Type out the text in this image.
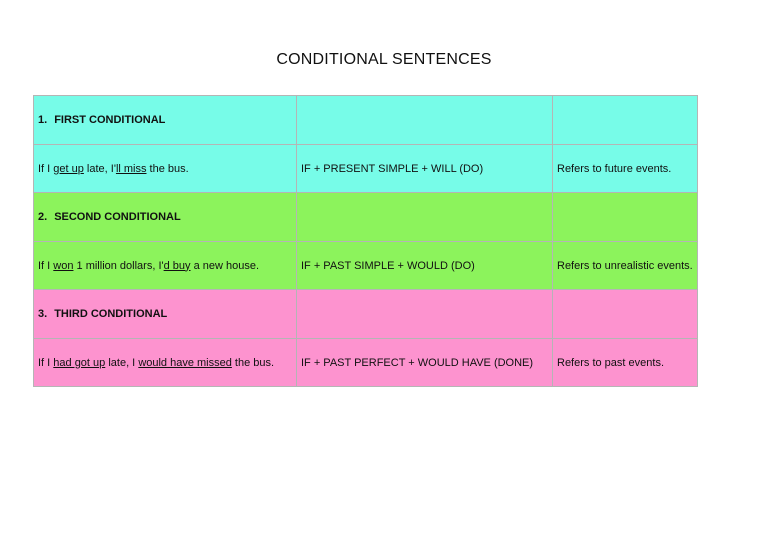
CONDITIONAL SENTENCES
1. FIRST CONDITIONAL		
If I get up late, I'll miss the bus.	IF + PRESENT SIMPLE + WILL (DO)	Refers to future events.
2. SECOND CONDITIONAL		
If I won 1 million dollars, I'd buy a new house.	IF + PAST SIMPLE + WOULD (DO)	Refers to unrealistic events.
3. THIRD CONDITIONAL		
If I had got up late, I would have missed the bus.	IF + PAST PERFECT + WOULD HAVE (DONE)	Refers to past events.
